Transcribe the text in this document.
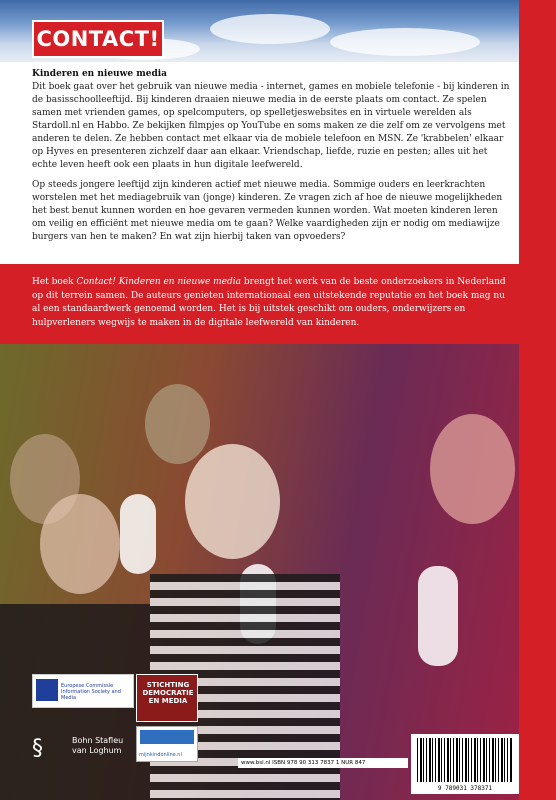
CONTACT!
Kinderen en nieuwe media

Dit boek gaat over het gebruik van nieuwe media - internet, games en mobiele telefonie - bij kinderen in de basisschoolleeftijd. Bij kinderen draaien nieuwe media in de eerste plaats om contact. Ze spelen samen met vrienden games, op spelcomputers, op spelletjeswebsites en in virtuele werelden als Stardoll.nl en Habbo. Ze bekijken filmpjes op YouTube en soms maken ze die zelf om ze vervolgens met anderen te delen. Ze hebben contact met elkaar via de mobiele telefoon en MSN. Ze 'krabbelen' elkaar op Hyves en presenteren zichzelf daar aan elkaar. Vriendschap, liefde, ruzie en pesten; alles uit het echte leven heeft ook een plaats in hun digitale leefwereld.

Op steeds jongere leeftijd zijn kinderen actief met nieuwe media. Sommige ouders en leerkrachten worstelen met het mediagebruik van (jonge) kinderen. Ze vragen zich af hoe de nieuwe mogelijkheden het best benut kunnen worden en hoe gevaren vermeden kunnen worden. Wat moeten kinderen leren om veilig en efficiënt met nieuwe media om te gaan? Welke vaardigheden zijn er nodig om mediawijze burgers van hen te maken? En wat zijn hierbij taken van opvoeders?

Het boek Contact! Kinderen en nieuwe media brengt het werk van de beste onderzoekers in Nederland op dit terrein samen. De auteurs genieten internationaal een uitstekende reputatie en het boek mag nu al een standaardwerk genoemd worden. Het is bij uitstek geschikt om ouders, onderwijzers en hulpverleners wegwijs te maken in de digitale leefwereld van kinderen.
Europese Commissie Information Society and Media
STICHTING DEMOCRATIE EN MEDIA
§	Bohn Stafleu van Loghum	mijnkindonline.nl
www.bsl.nl ISBN 978 90 313 7837 1 NUR 847
9 789031 378371
